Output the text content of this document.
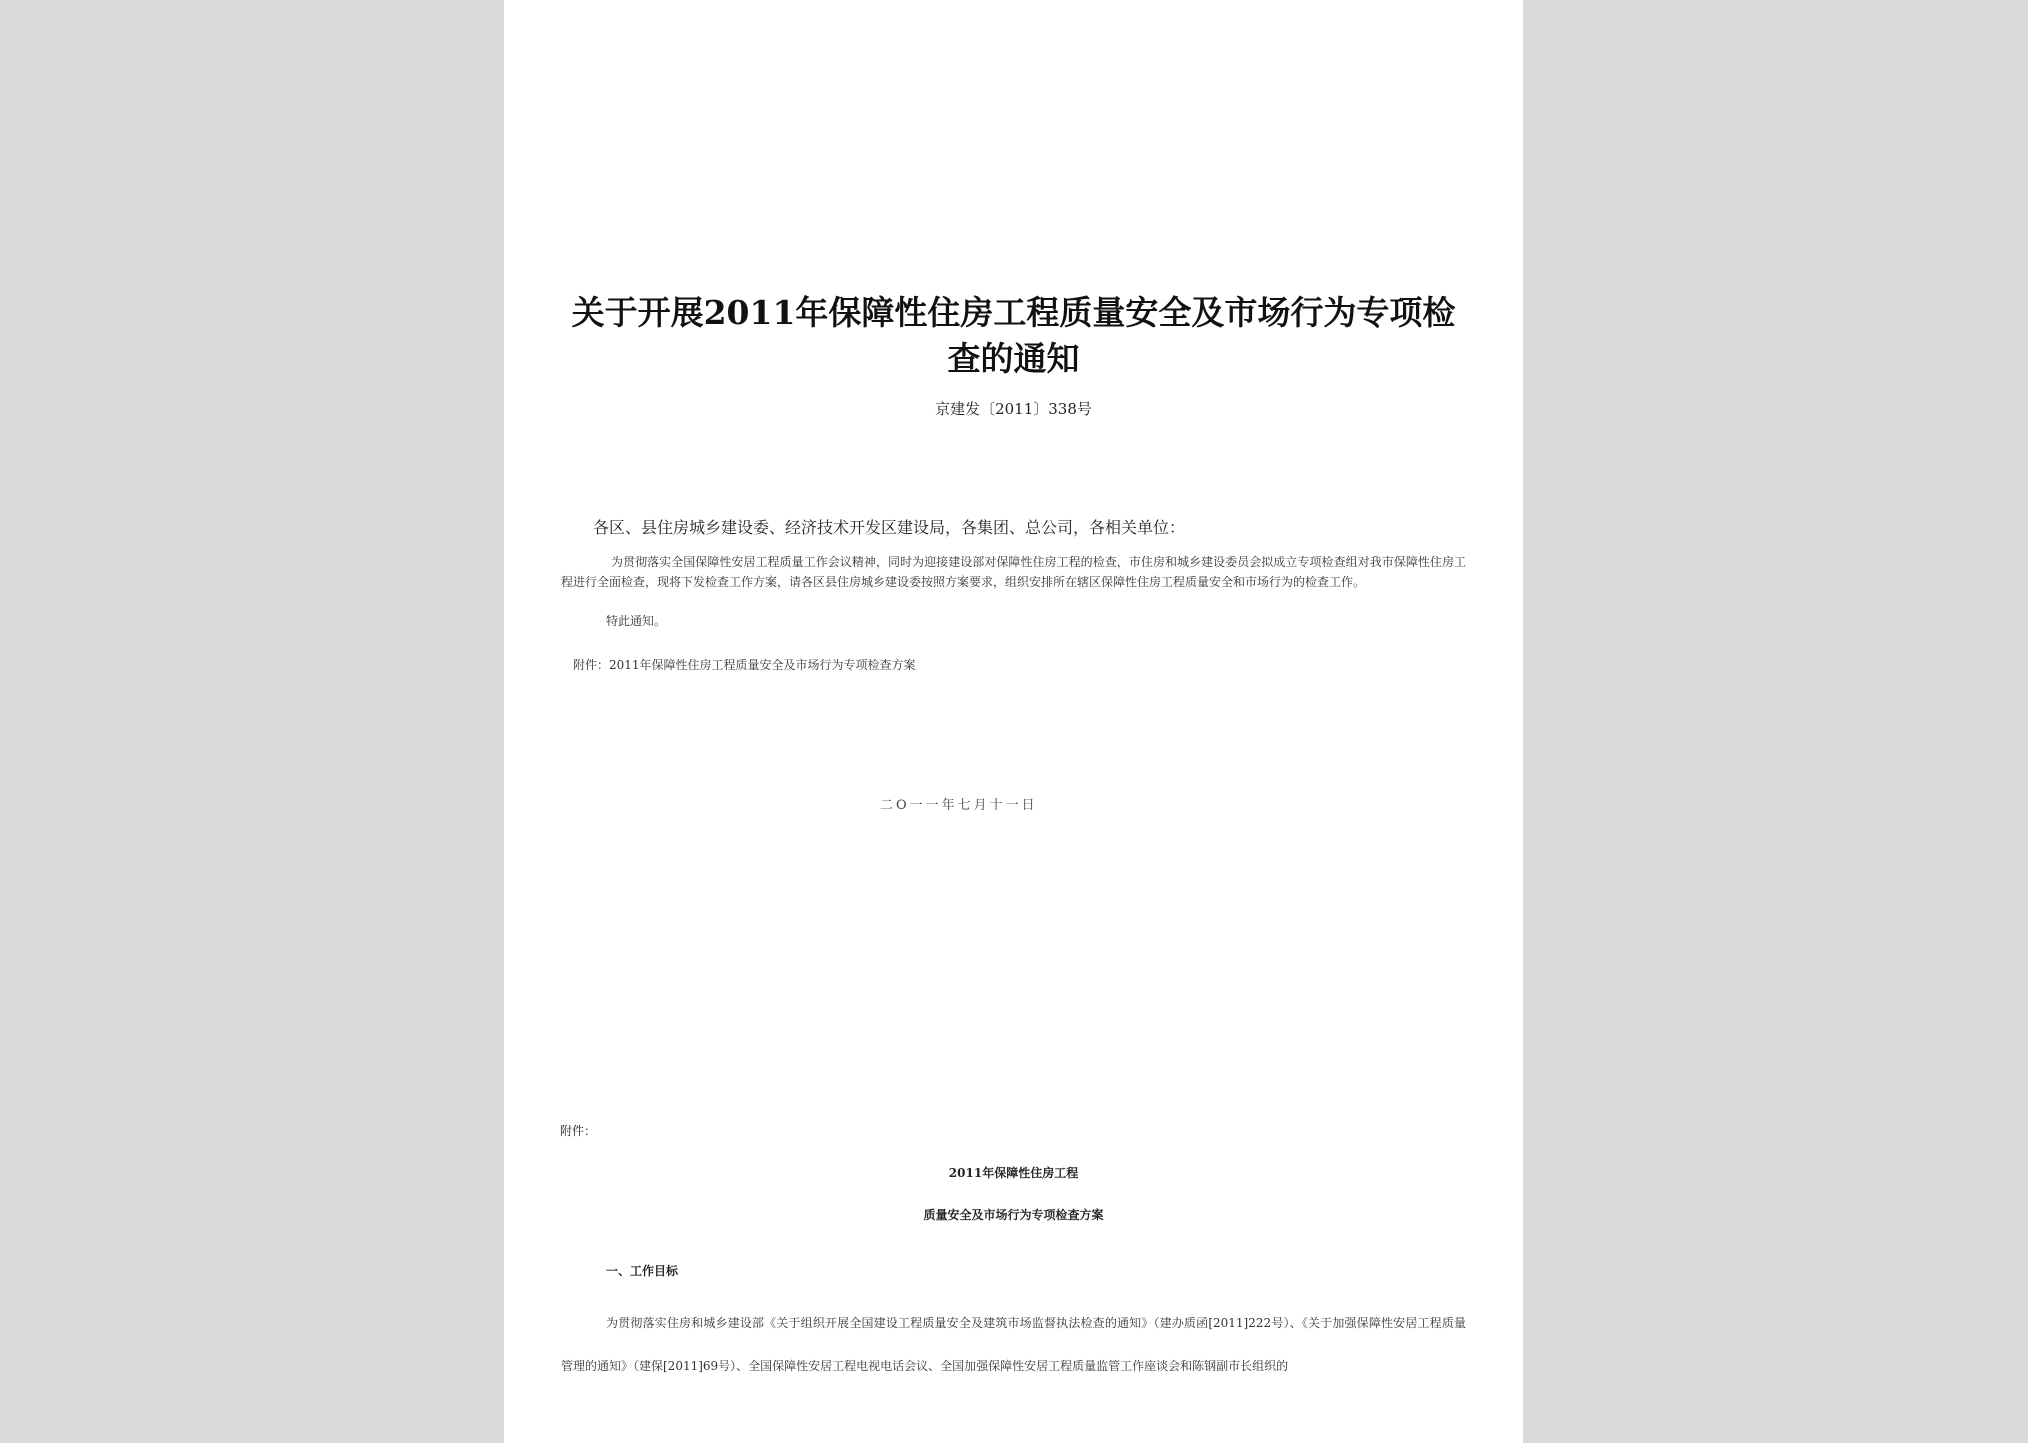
关于开展2011年保障性住房工程质量安全及市场行为专项检查的通知
京建发〔2011〕338号
各区、县住房城乡建设委、经济技术开发区建设局，各集团、总公司，各相关单位：
为贯彻落实全国保障性安居工程质量工作会议精神，同时为迎接建设部对保障性住房工程的检查，市住房和城乡建设委员会拟成立专项检查组对我市保障性住房工程进行全面检查，现将下发检查工作方案，请各区县住房城乡建设委按照方案要求，组织安排所在辖区保障性住房工程质量安全和市场行为的检查工作。
特此通知。
附件：2011年保障性住房工程质量安全及市场行为专项检查方案
二O一一年七月十一日
附件：
2011年保障性住房工程
质量安全及市场行为专项检查方案
一、工作目标
为贯彻落实住房和城乡建设部《关于组织开展全国建设工程质量安全及建筑市场监督执法检查的通知》（建办质函[2011]222号）、《关于加强保障性安居工程质量管理的通知》（建保[2011]69号）、全国保障性安居工程电视电话会议、全国加强保障性安居工程质量监管工作座谈会和陈钢副市长组织的
